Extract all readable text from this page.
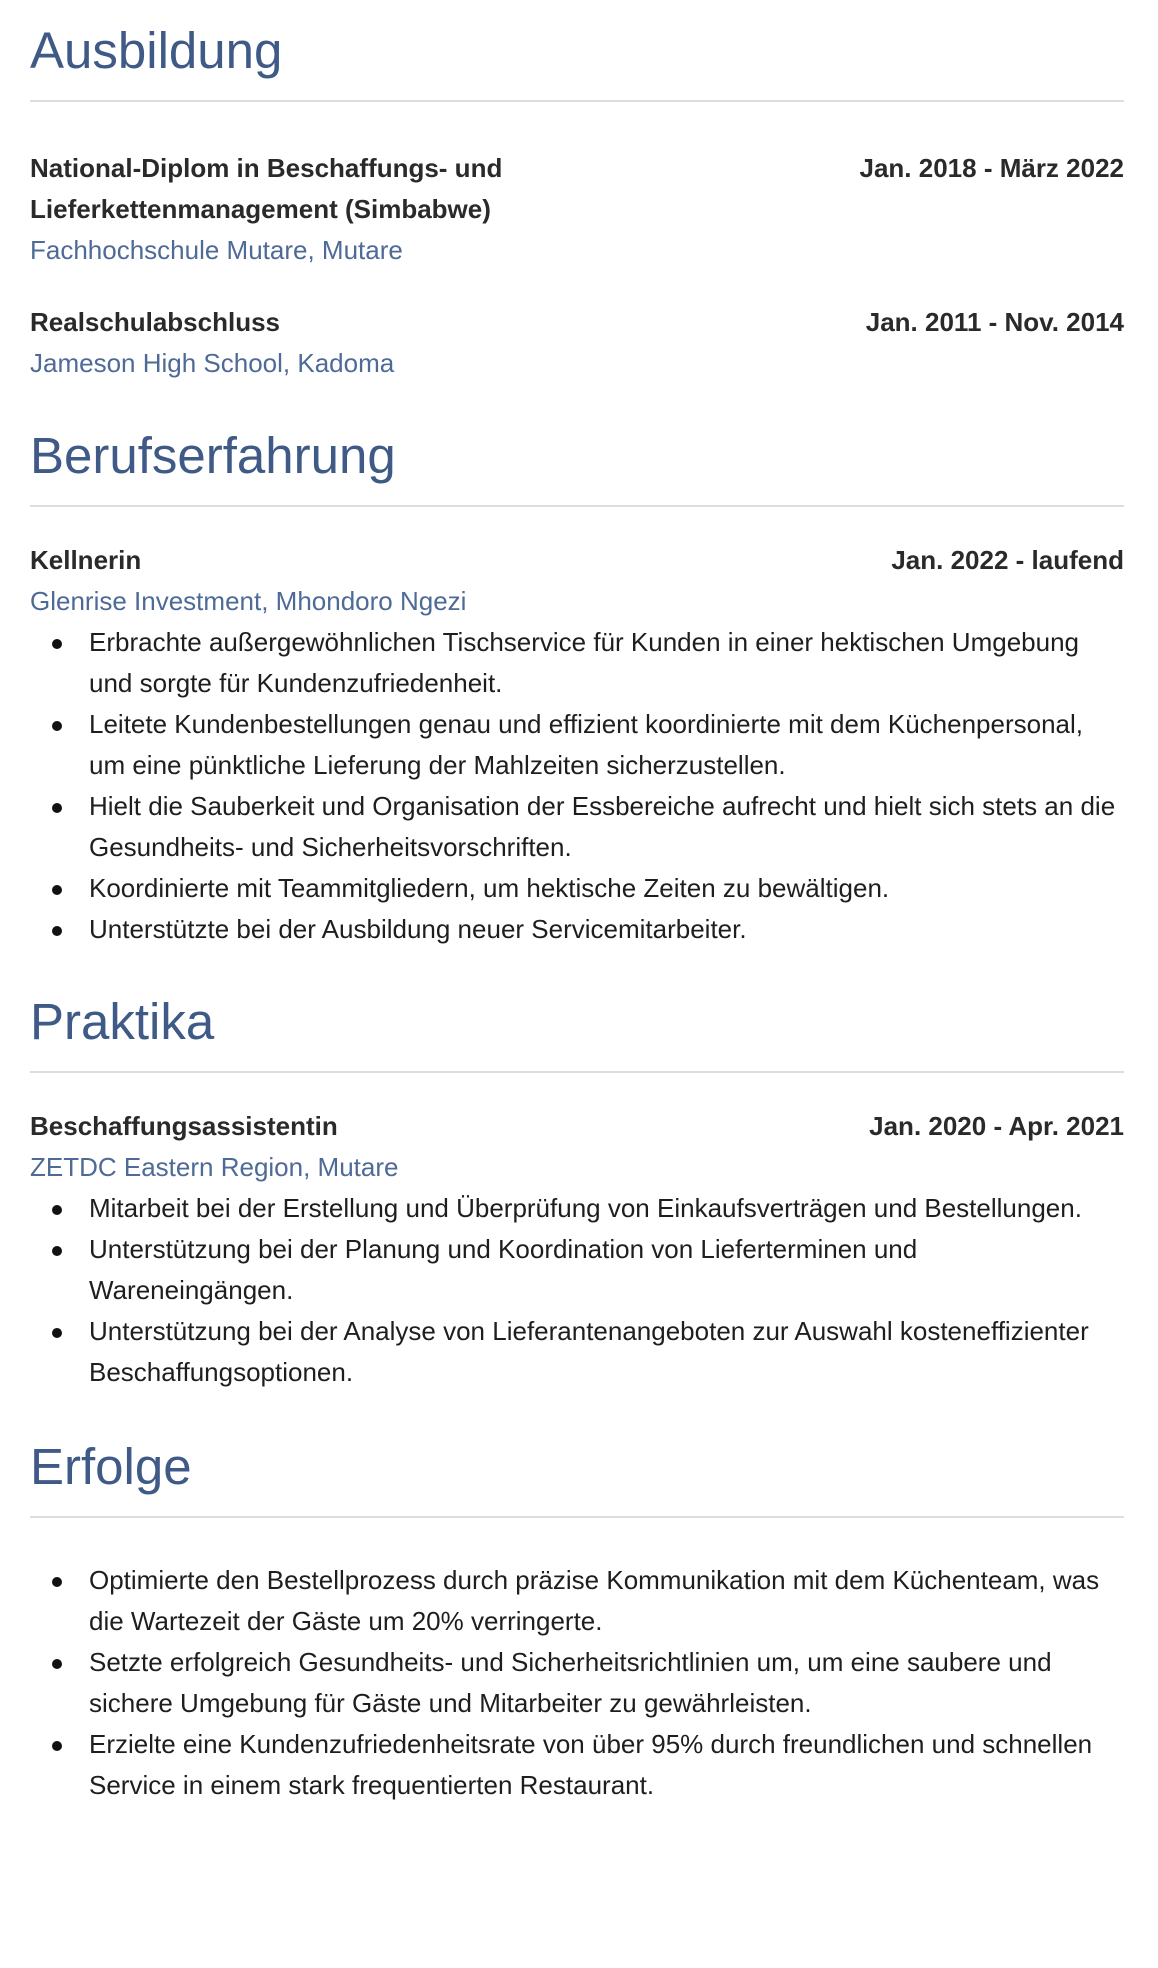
Ausbildung
National-Diplom in Beschaffungs- und Lieferkettenmanagement (Simbabwe)
Jan. 2018 - März 2022
Fachhochschule Mutare, Mutare
Realschulabschluss	Jan. 2011 - Nov. 2014
Jameson High School, Kadoma
Berufserfahrung
Kellnerin	Jan. 2022 - laufend
Glenrise Investment, Mhondoro Ngezi
Erbrachte außergewöhnlichen Tischservice für Kunden in einer hektischen Umgebung und sorgte für Kundenzufriedenheit.
Leitete Kundenbestellungen genau und effizient koordinierte mit dem Küchenpersonal, um eine pünktliche Lieferung der Mahlzeiten sicherzustellen.
Hielt die Sauberkeit und Organisation der Essbereiche aufrecht und hielt sich stets an die Gesundheits- und Sicherheitsvorschriften.
Koordinierte mit Teammitgliedern, um hektische Zeiten zu bewältigen.
Unterstützte bei der Ausbildung neuer Servicemitarbeiter.
Praktika
Beschaffungsassistentin	Jan. 2020 - Apr. 2021
ZETDC Eastern Region, Mutare
Mitarbeit bei der Erstellung und Überprüfung von Einkaufsverträgen und Bestellungen.
Unterstützung bei der Planung und Koordination von Lieferterminen und Wareneingängen.
Unterstützung bei der Analyse von Lieferantenangeboten zur Auswahl kosteneffizienter Beschaffungsoptionen.
Erfolge
Optimierte den Bestellprozess durch präzise Kommunikation mit dem Küchenteam, was die Wartezeit der Gäste um 20% verringerte.
Setzte erfolgreich Gesundheits- und Sicherheitsrichtlinien um, um eine saubere und sichere Umgebung für Gäste und Mitarbeiter zu gewährleisten.
Erzielte eine Kundenzufriedenheitsrate von über 95% durch freundlichen und schnellen Service in einem stark frequentierten Restaurant.
